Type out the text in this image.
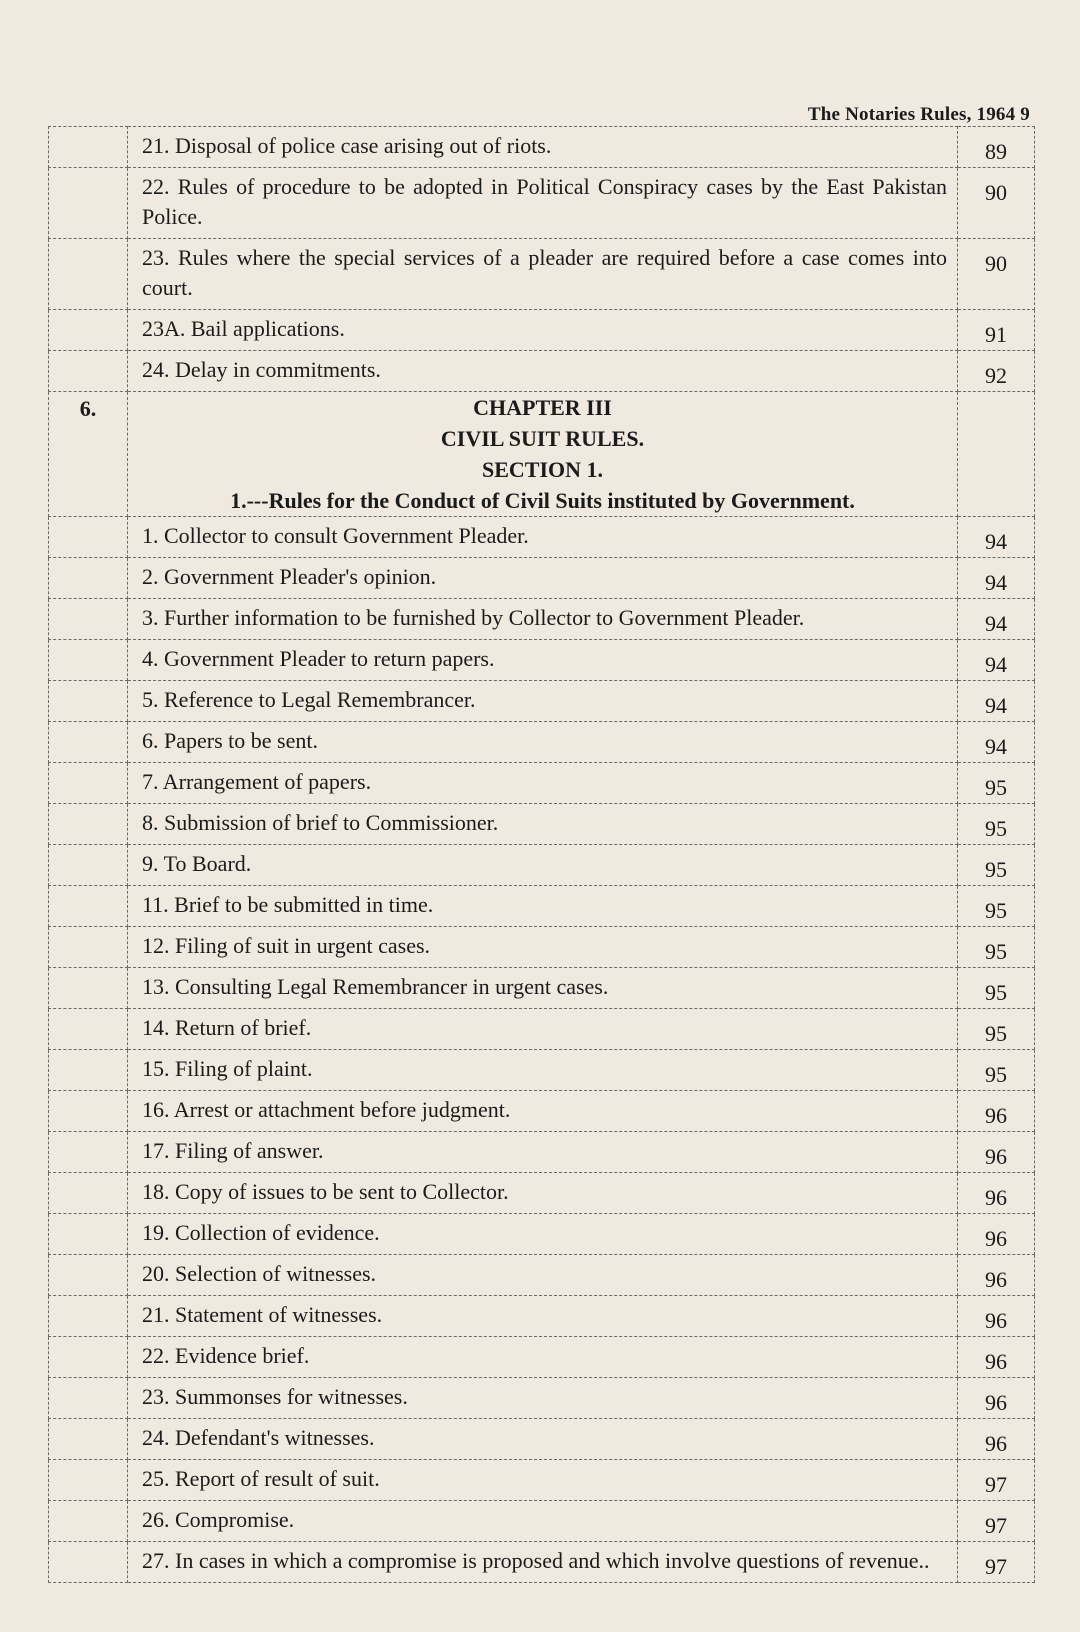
The Notaries Rules, 1964 9
	21. Disposal of police case arising out of riots.	89
	22. Rules of procedure to be adopted in Political Conspiracy cases by the East Pakistan Police.	90
	23. Rules where the special services of a pleader are required before a case comes into court.	90
	23A. Bail applications.	91
	24. Delay in commitments.	92
6.	CHAPTER III
CIVIL SUIT RULES.
SECTION 1.
1.---Rules for the Conduct of Civil Suits instituted by Government.	

	1. Collector to consult Government Pleader.	94
	2. Government Pleader's opinion.	94
	3. Further information to be furnished by Collector to Government Pleader.	94
	4. Government Pleader to return papers.	94
	5. Reference to Legal Remembrancer.	94
	6. Papers to be sent.	94
	7. Arrangement of papers.	95
	8. Submission of brief to Commissioner.	95
	9. To Board.	95
	11. Brief to be submitted in time.	95
	12. Filing of suit in urgent cases.	95
	13. Consulting Legal Remembrancer in urgent cases.	95
	14. Return of brief.	95
	15. Filing of plaint.	95
	16. Arrest or attachment before judgment.	96
	17. Filing of answer.	96
	18. Copy of issues to be sent to Collector.	96
	19. Collection of evidence.	96
	20. Selection of witnesses.	96
	21. Statement of witnesses.	96
	22. Evidence brief.	96
	23. Summonses for witnesses.	96
	24. Defendant's witnesses.	96
	25. Report of result of suit.	97
	26. Compromise.	97
	27. In cases in which a compromise is proposed and which involve questions of revenue..	97
